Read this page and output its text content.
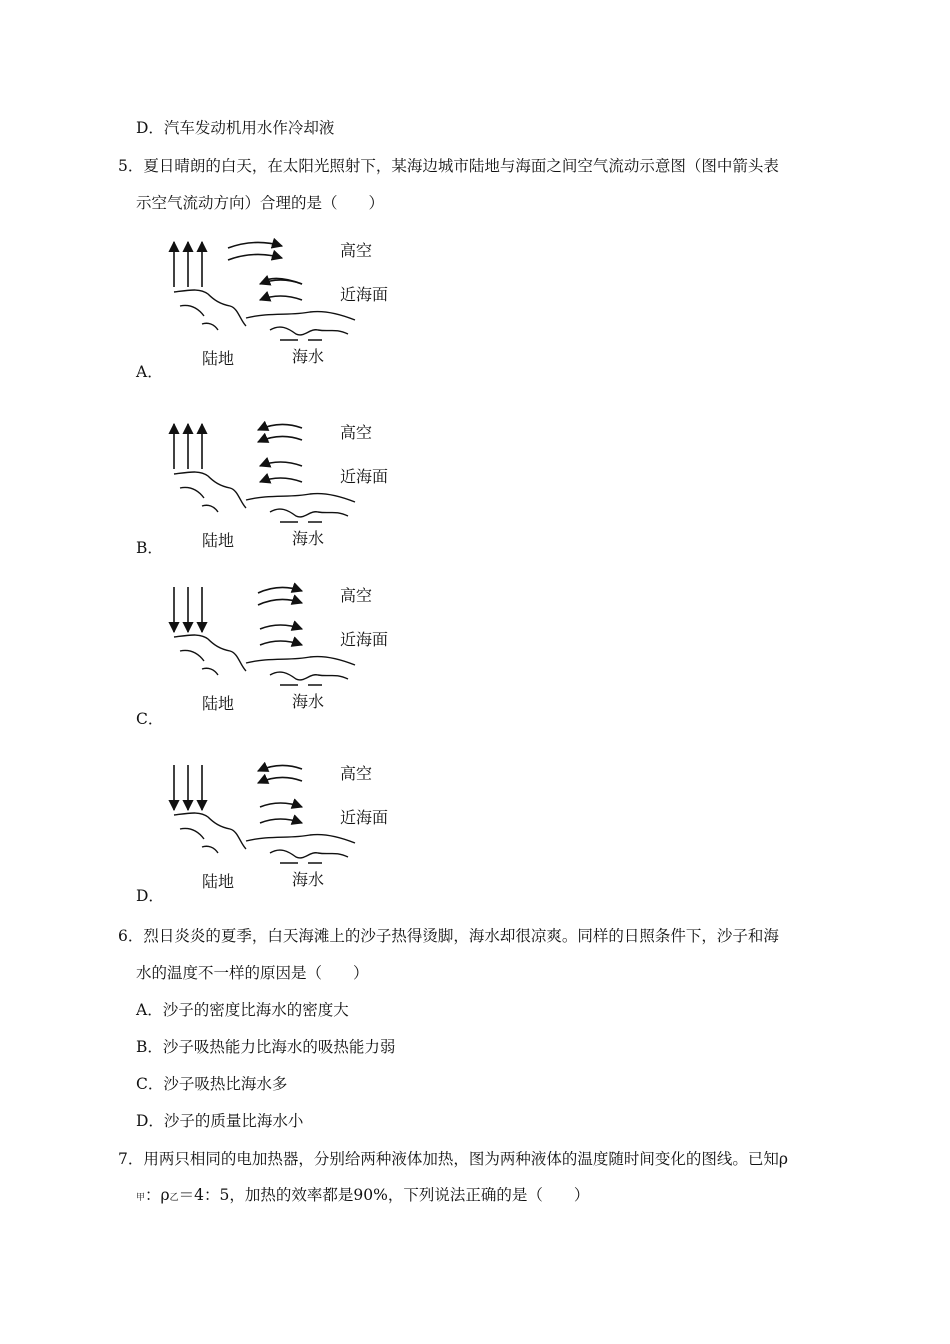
D．汽车发动机用水作冷却液
5．夏日晴朗的白天，在太阳光照射下，某海边城市陆地与海面之间空气流动示意图（图中箭头表
示空气流动方向）合理的是（　　）
高空
近海面
陆地	海水
A．
高空
近海面
陆地	海水
B．
高空
近海面
陆地	海水
C．
高空
近海面
陆地	海水
D．
6．烈日炎炎的夏季，白天海滩上的沙子热得烫脚，海水却很凉爽。同样的日照条件下，沙子和海
水的温度不一样的原因是（　　）
A．沙子的密度比海水的密度大
B．沙子吸热能力比海水的吸热能力弱
C．沙子吸热比海水多
D．沙子的质量比海水小
7．用两只相同的电加热器，分别给两种液体加热，图为两种液体的温度随时间变化的图线。已知ρ
甲：ρ乙＝4：5，加热的效率都是90%，下列说法正确的是（　　）
